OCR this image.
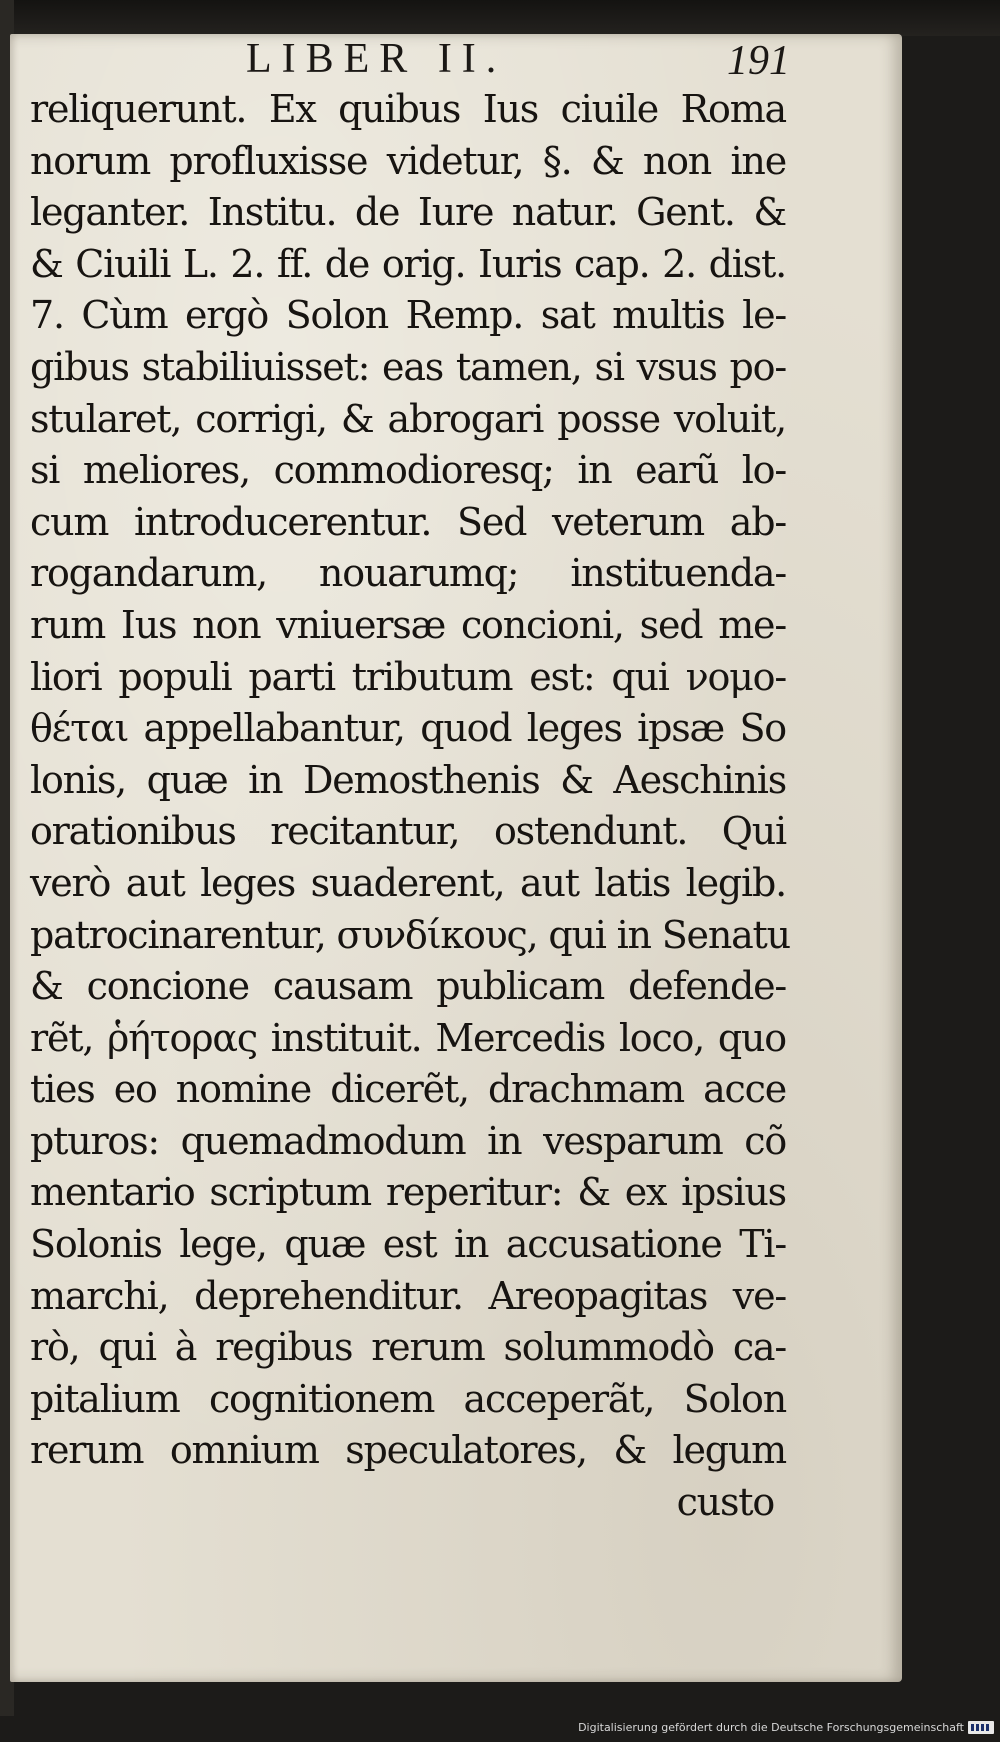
LIBER II.	191
reliquerunt. Ex quibus Ius ciuile Roma
norum profluxisse videtur, §. & non ine
leganter. Institu. de Iure natur. Gent. &
& Ciuili L. 2. ff. de orig. Iuris cap. 2. dist.
7. Cùm ergò Solon Remp. sat multis le-
gibus stabiliuisset: eas tamen, si vsus po-
stularet, corrigi, & abrogari posse voluit,
si meliores, commodioresq; in earũ lo-
cum introducerentur. Sed veterum ab-
rogandarum, nouarumq; instituenda-
rum Ius non vniuersæ concioni, sed me-
liori populi parti tributum est: qui νομο-
θέται appellabantur, quod leges ipsæ So
lonis, quæ in Demosthenis & Aeschinis
orationibus recitantur, ostendunt. Qui
verò aut leges suaderent, aut latis legib.
patrocinarentur, συνδίκους, qui in Senatu
& concione causam publicam defende-
rẽt, ῥήτορας instituit. Mercedis loco, quo
ties eo nomine dicerẽt, drachmam acce
pturos: quemadmodum in vesparum cõ
mentario scriptum reperitur: & ex ipsius
Solonis lege, quæ est in accusatione Ti-
marchi, deprehenditur. Areopagitas ve-
rò, qui à regibus rerum solummodò ca-
pitalium cognitionem acceperãt, Solon
rerum omnium speculatores, & legum
custo
Digitalisierung gefördert durch die Deutsche Forschungsgemeinschaft
